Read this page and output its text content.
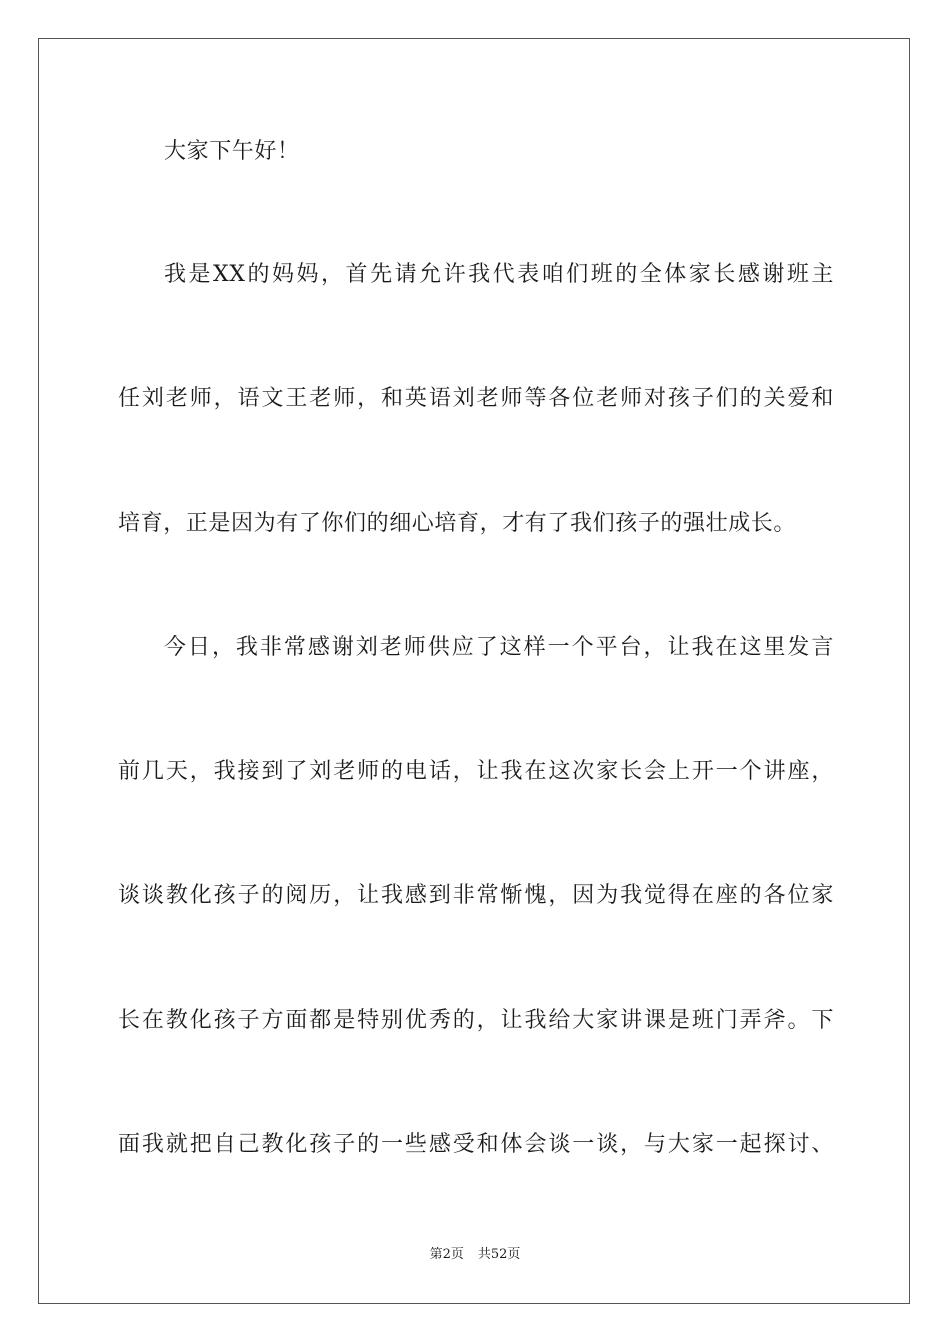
大家下午好！
我是XX的妈妈，首先请允许我代表咱们班的全体家长感谢班主
任刘老师，语文王老师，和英语刘老师等各位老师对孩子们的关爱和
培育，正是因为有了你们的细心培育，才有了我们孩子的强壮成长。
今日，我非常感谢刘老师供应了这样一个平台，让我在这里发言
前几天，我接到了刘老师的电话，让我在这次家长会上开一个讲座，
谈谈教化孩子的阅历，让我感到非常惭愧，因为我觉得在座的各位家
长在教化孩子方面都是特别优秀的，让我给大家讲课是班门弄斧。下
面我就把自己教化孩子的一些感受和体会谈一谈，与大家一起探讨、
第2页 共52页
